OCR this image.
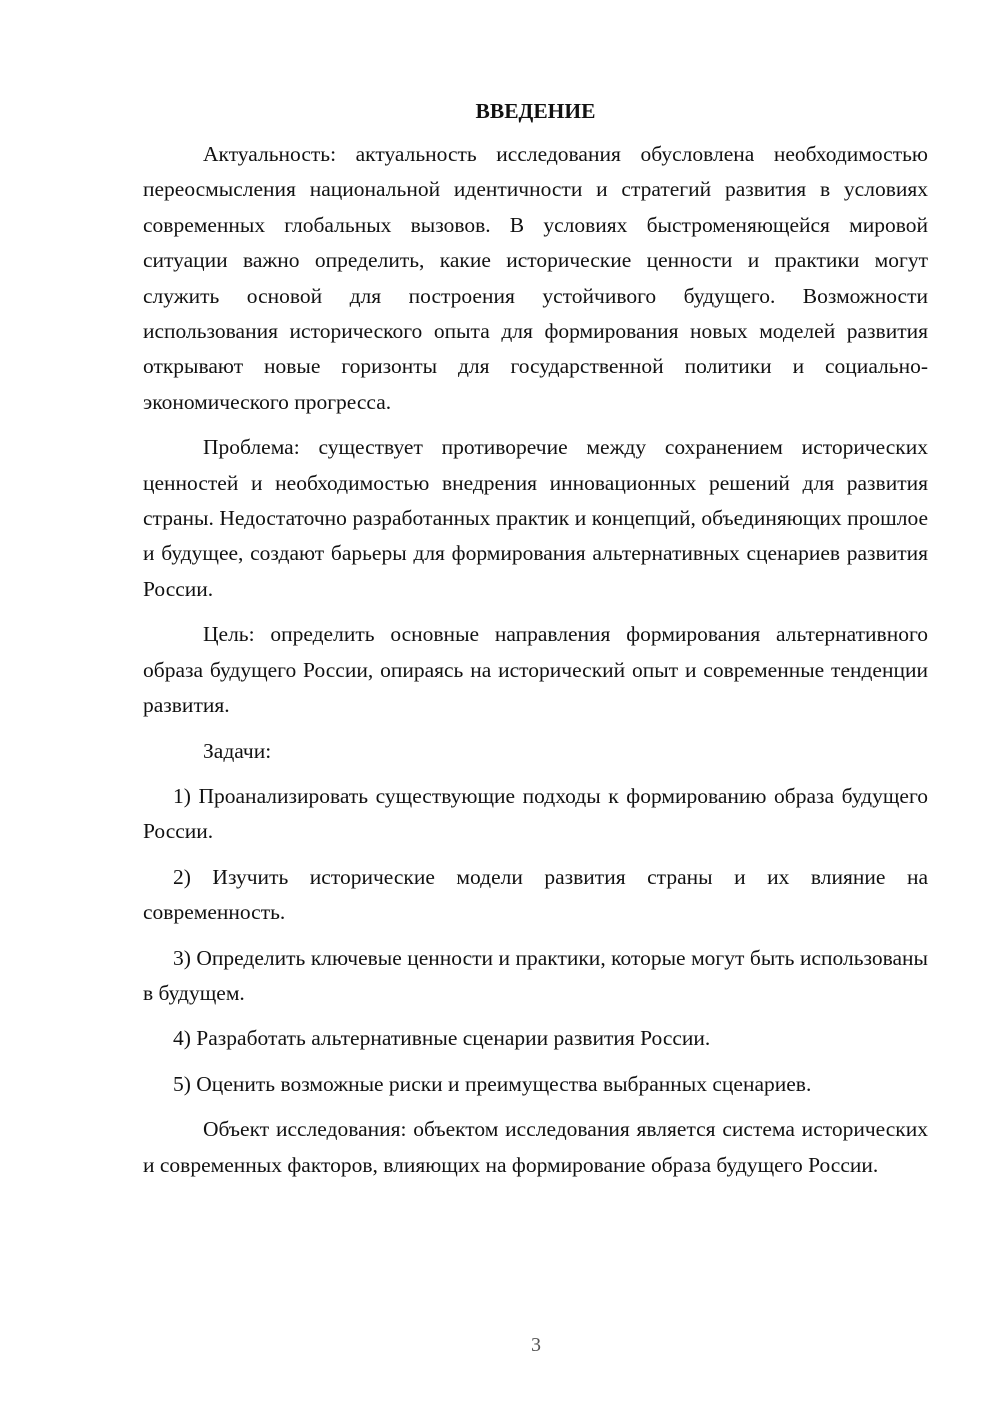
ВВЕДЕНИЕ

Актуальность: актуальность исследования обусловлена необходимостью переосмысления национальной идентичности и стратегий развития в условиях современных глобальных вызовов. В условиях быстроменяющейся мировой ситуации важно определить, какие исторические ценности и практики могут служить основой для построения устойчивого будущего. Возможности использования исторического опыта для формирования новых моделей развития открывают новые горизонты для государственной политики и социально-экономического прогресса.

Проблема: существует противоречие между сохранением исторических ценностей и необходимостью внедрения инновационных решений для развития страны. Недостаточно разработанных практик и концепций, объединяющих прошлое и будущее, создают барьеры для формирования альтернативных сценариев развития России.

Цель: определить основные направления формирования альтернативного образа будущего России, опираясь на исторический опыт и современные тенденции развития.

Задачи:

1) Проанализировать существующие подходы к формированию образа будущего России.

2) Изучить исторические модели развития страны и их влияние на современность.

3) Определить ключевые ценности и практики, которые могут быть использованы в будущем.

4) Разработать альтернативные сценарии развития России.

5) Оценить возможные риски и преимущества выбранных сценариев.

Объект исследования: объектом исследования является система исторических и современных факторов, влияющих на формирование образа будущего России.

3
